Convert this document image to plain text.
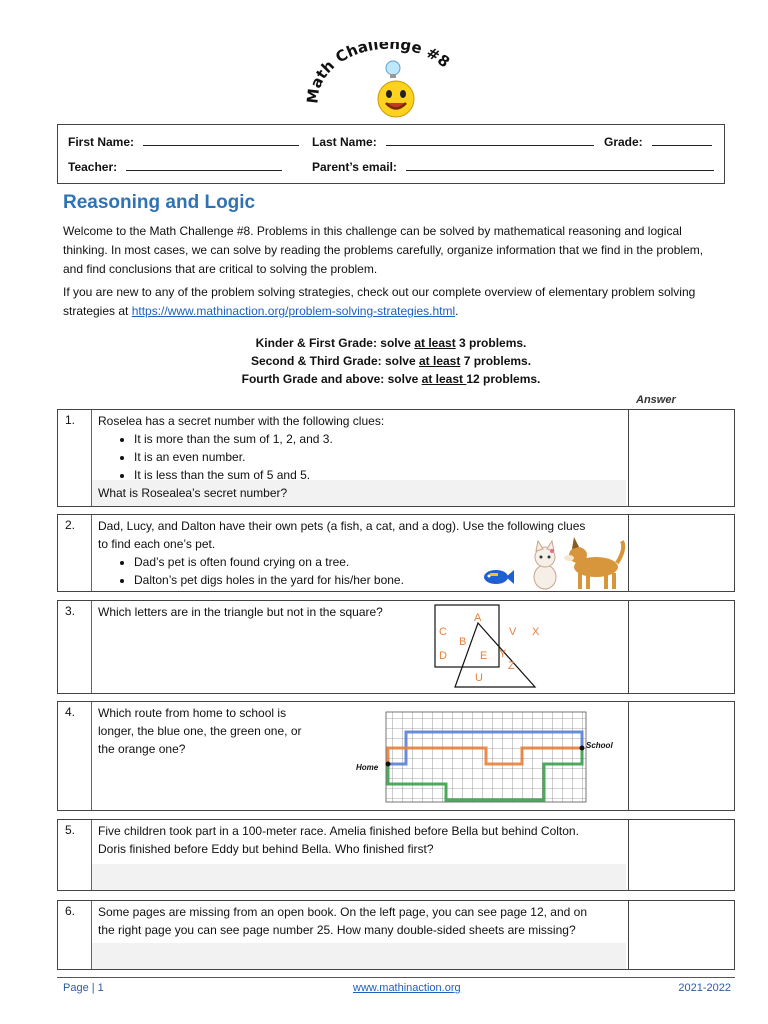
Math Challenge #8
First Name:	Last Name:	Grade:
Teacher:	Parent’s email:
Reasoning and Logic

Welcome to the Math Challenge #8. Problems in this challenge can be solved by mathematical reasoning and logical thinking. In most cases, we can solve by reading the problems carefully, organize information that we find in the problem, and find conclusions that are critical to solving the problem.

If you are new to any of the problem solving strategies, check out our complete overview of elementary problem solving strategies at https://www.mathinaction.org/problem-solving-strategies.html.

Kinder & First Grade: solve at least 3 problems.
Second & Third Grade: solve at least 7 problems.
Fourth Grade and above: solve at least 12 problems.
Answer
1. Roselea has a secret number with the following clues:
• It is more than the sum of 1, 2, and 3.
• It is an even number.
• It is less than the sum of 5 and 5.
What is Rosealea’s secret number?
2. Dad, Lucy, and Dalton have their own pets (a fish, a cat, and a dog). Use the following clues
to find each one’s pet.
• Dad’s pet is often found crying on a tree.
• Dalton’s pet digs holes in the yard for his/her bone.
3. Which letters are in the triangle but not in the square?	A
C
B
V X
D	E Y
Z
U
4. Which route from home to school is
longer, the blue one, the green one, or
the orange one?	School
Home
5. Five children took part in a 100-meter race. Amelia finished before Bella but behind Colton.
Doris finished before Eddy but behind Bella. Who finished first?
6. Some pages are missing from an open book. On the left page, you can see page 12, and on
the right page you can see page number 25. How many double-sided sheets are missing?
Page | 1	www.mathinaction.org	2021-2022
